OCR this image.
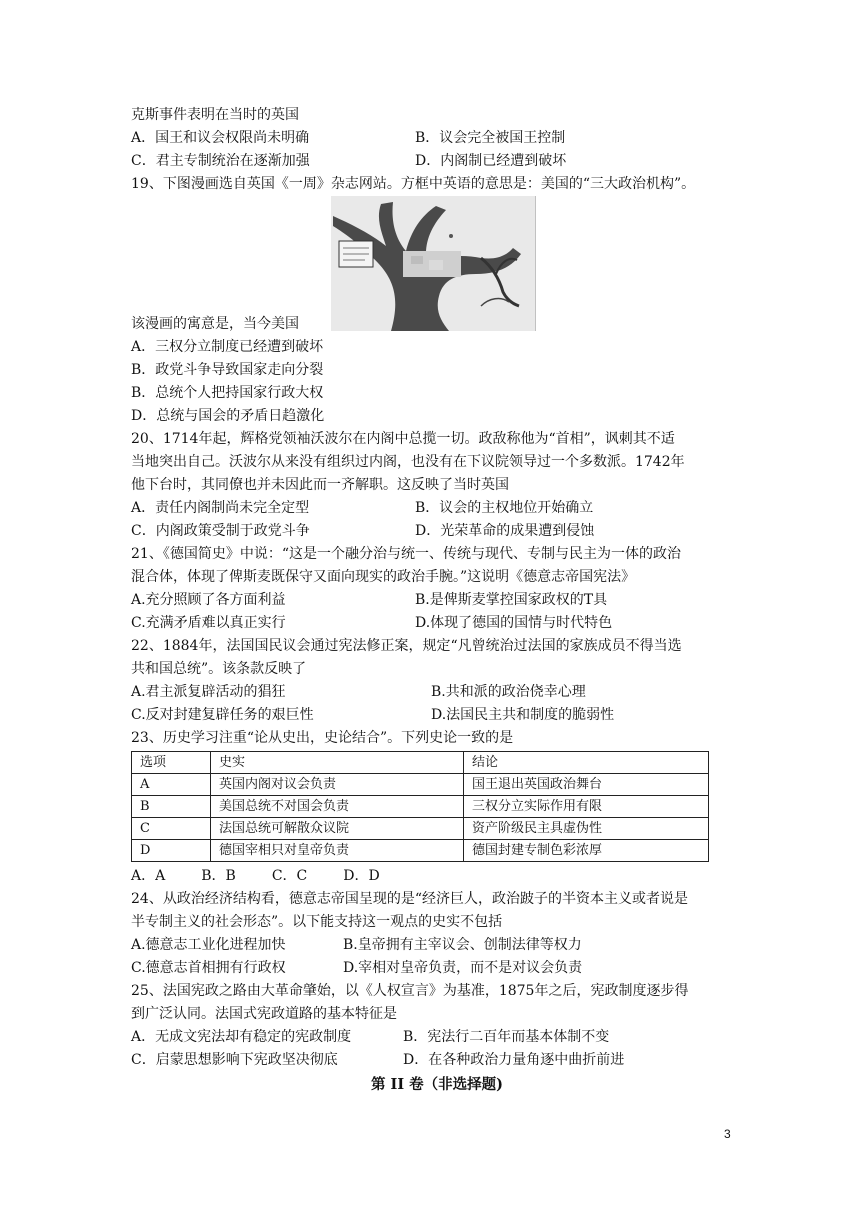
克斯事件表明在当时的英国
A．国王和议会权限尚未明确	B．议会完全被国王控制
C．君主专制统治在逐渐加强	D．内阁制已经遭到破坏
19、下图漫画选自英国《一周》杂志网站。方框中英语的意思是：美国的“三大政治机构”。
该漫画的寓意是，当今美国
A．三权分立制度已经遭到破坏
B．政党斗争导致国家走向分裂
B．总统个人把持国家行政大权
D．总统与国会的矛盾日趋激化
20、1714年起，辉格党领袖沃波尔在内阁中总揽一切。政敌称他为“首相”，讽刺其不适
当地突出自己。沃波尔从来没有组织过内阁，也没有在下议院领导过一个多数派。1742年
他下台时，其同僚也并未因此而一齐解职。这反映了当时英国
A．责任内阁制尚未完全定型	B．议会的主权地位开始确立
C．内阁政策受制于政党斗争	D．光荣革命的成果遭到侵蚀
21、《德国简史》中说：“这是一个融分治与统一、传统与现代、专制与民主为一体的政治
混合体，体现了俾斯麦既保守又面向现实的政治手腕。”这说明《德意志帝国宪法》
A.充分照顾了各方面利益	B.是俾斯麦掌控国家政权的T具
C.充满矛盾难以真正实行	D.体现了德国的国情与时代特色
22、1884年，法国国民议会通过宪法修正案，规定“凡曾统治过法国的家族成员不得当选
共和国总统”。该条款反映了
A.君主派复辟活动的猖狂	B.共和派的政治侥幸心理
C.反对封建复辟任务的艰巨性	D.法国民主共和制度的脆弱性
23、历史学习注重“论从史出，史论结合”。下列史论一致的是
选项	史实	结论
A	英国内阁对议会负责	国王退出英国政治舞台
B	美国总统不对国会负责	三权分立实际作用有限
C	法国总统可解散众议院	资产阶级民主具虚伪性
D	德国宰相只对皇帝负责	德国封建专制色彩浓厚
A．A	B．B	C．C	D．D
24、从政治经济结构看，德意志帝国呈现的是“经济巨人，政治跛子的半资本主义或者说是
半专制主义的社会形态”。以下能支持这一观点的史实不包括
A.德意志工业化进程加快	B.皇帝拥有主宰议会、创制法律等权力
C.德意志首相拥有行政权	D.宰相对皇帝负责，而不是对议会负责
25、法国宪政之路由大革命肇始，以《人权宣言》为基准，1875年之后，宪政制度逐步得
到广泛认同。法国式宪政道路的基本特征是
A．无成文宪法却有稳定的宪政制度	B．宪法行二百年而基本体制不变
C．启蒙思想影响下宪政坚决彻底	D．在各种政治力量角逐中曲折前进
第 II 卷（非选择题)
3
